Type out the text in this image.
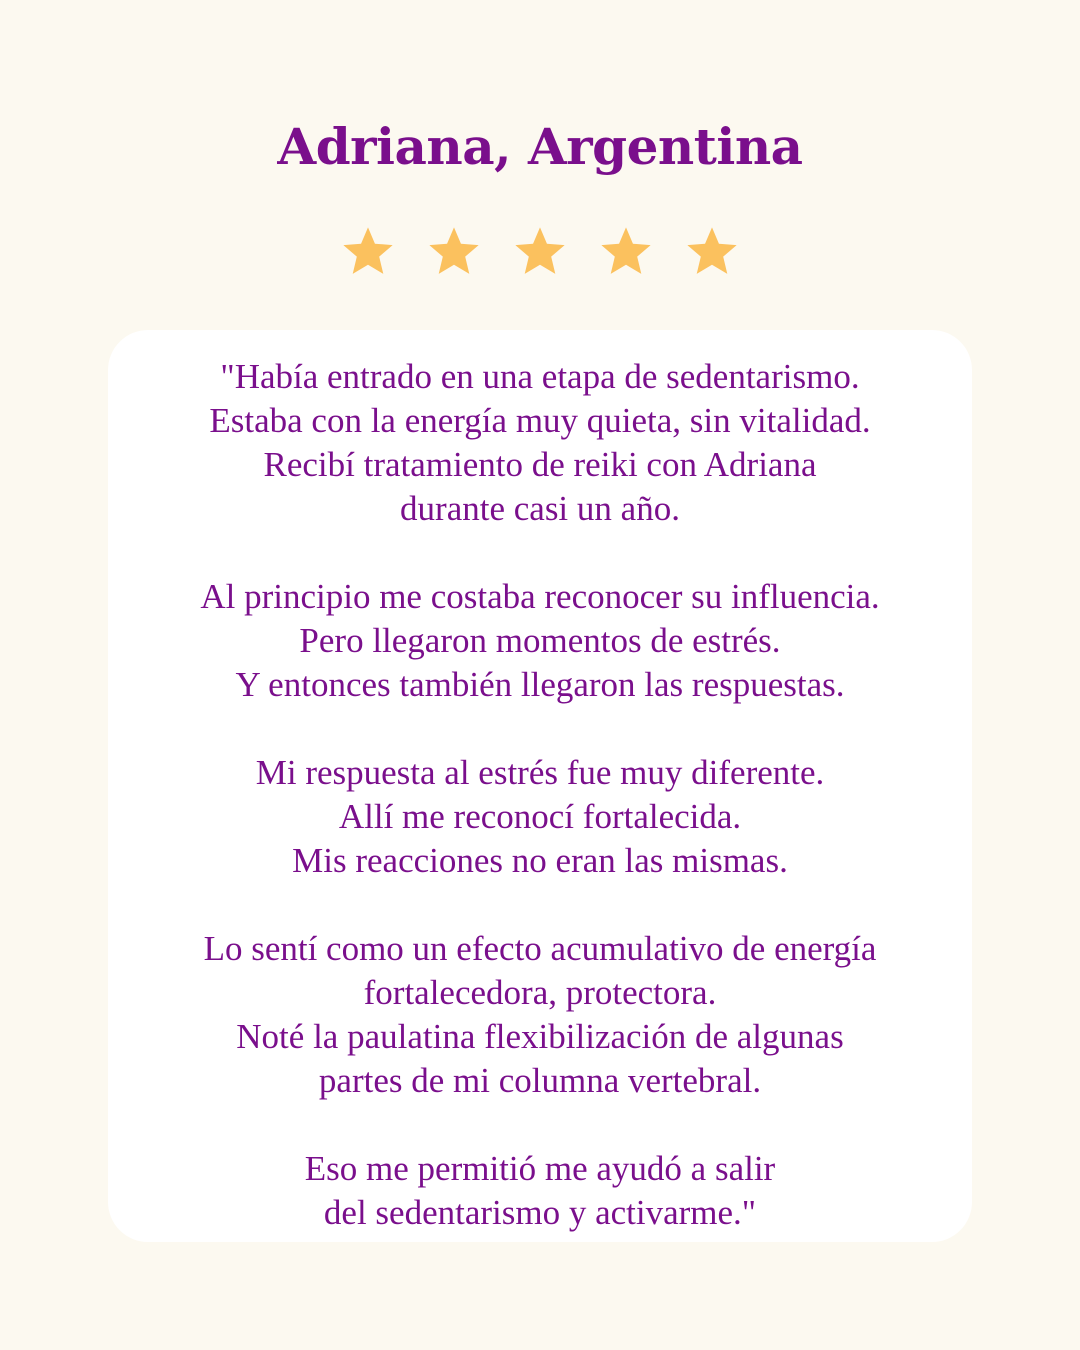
Adriana, Argentina

"Había entrado en una etapa de sedentarismo.
Estaba con la energía muy quieta, sin vitalidad.
Recibí tratamiento de reiki con Adriana
durante casi un año.

Al principio me costaba reconocer su influencia.
Pero llegaron momentos de estrés.
Y entonces también llegaron las respuestas.

Mi respuesta al estrés fue muy diferente.
Allí me reconocí fortalecida.
Mis reacciones no eran las mismas.

Lo sentí como un efecto acumulativo de energía
fortalecedora, protectora.
Noté la paulatina flexibilización de algunas
partes de mi columna vertebral.

Eso me permitió me ayudó a salir
del sedentarismo y activarme."
